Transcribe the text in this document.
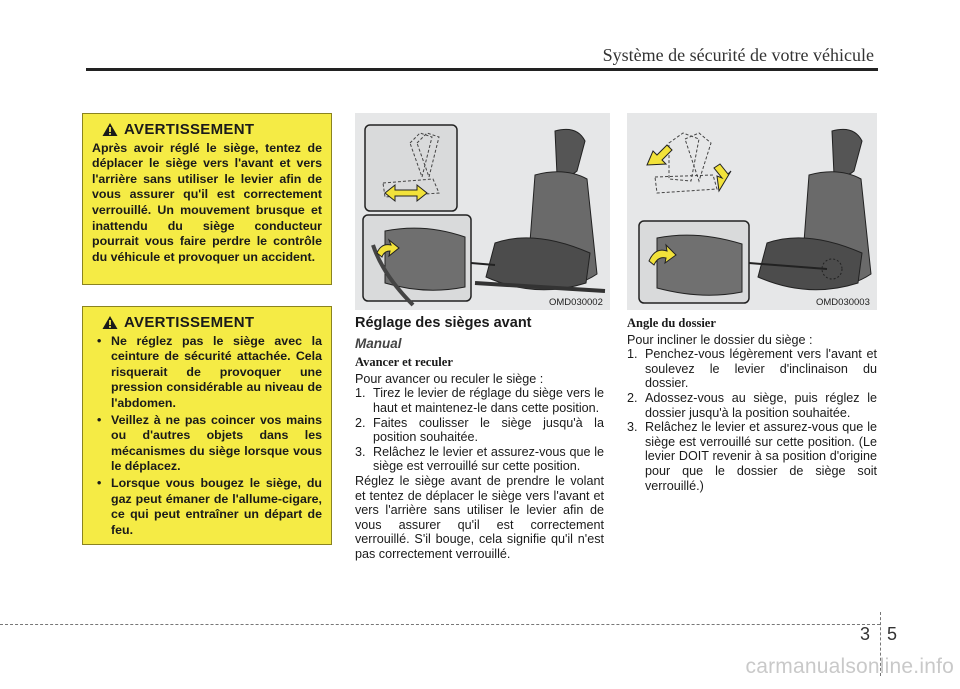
Système de sécurité de votre véhicule
AVERTISSEMENT
Après avoir réglé le siège, tentez de déplacer le siège vers l'avant et vers l'arrière sans utiliser le levier afin de vous assurer qu'il est correctement verrouillé. Un mouvement brusque et inattendu du siège conducteur pourrait vous faire perdre le contrôle du véhicule et provoquer un accident.
AVERTISSEMENT
• Ne réglez pas le siège avec la ceinture de sécurité attachée. Cela risquerait de provoquer une pression considérable au niveau de l'abdomen.
• Veillez à ne pas coincer vos mains ou d'autres objets dans les mécanismes du siège lorsque vous le déplacez.
• Lorsque vous bougez le siège, du gaz peut émaner de l'allume-cigare, ce qui peut entraîner un départ de feu.
OMD030002	OMD030003
Réglage des sièges avant
Manual
Avancer et reculer

Pour avancer ou reculer le siège :

1. Tirez le levier de réglage du siège vers le haut et maintenez-le dans cette position.
2. Faites coulisser le siège jusqu'à la position souhaitée.
3. Relâchez le levier et assurez-vous que le siège est verrouillé sur cette position.

Réglez le siège avant de prendre le volant et tentez de déplacer le siège vers l'avant et vers l'arrière sans utiliser le levier afin de vous assurer qu'il est correctement verrouillé. S'il bouge, cela signifie qu'il n'est pas correctement verrouillé.

Angle du dossier

Pour incliner le dossier du siège :

1. Penchez-vous légèrement vers l'avant et soulevez le levier d'inclinaison du dossier.
2. Adossez-vous au siège, puis réglez le dossier jusqu'à la position souhaitée.
3. Relâchez le levier et assurez-vous que le siège est verrouillé sur cette position. (Le levier DOIT revenir à sa position d'origine pour que le dossier de siège soit verrouillé.)
3 5
carmanualsonline.info
